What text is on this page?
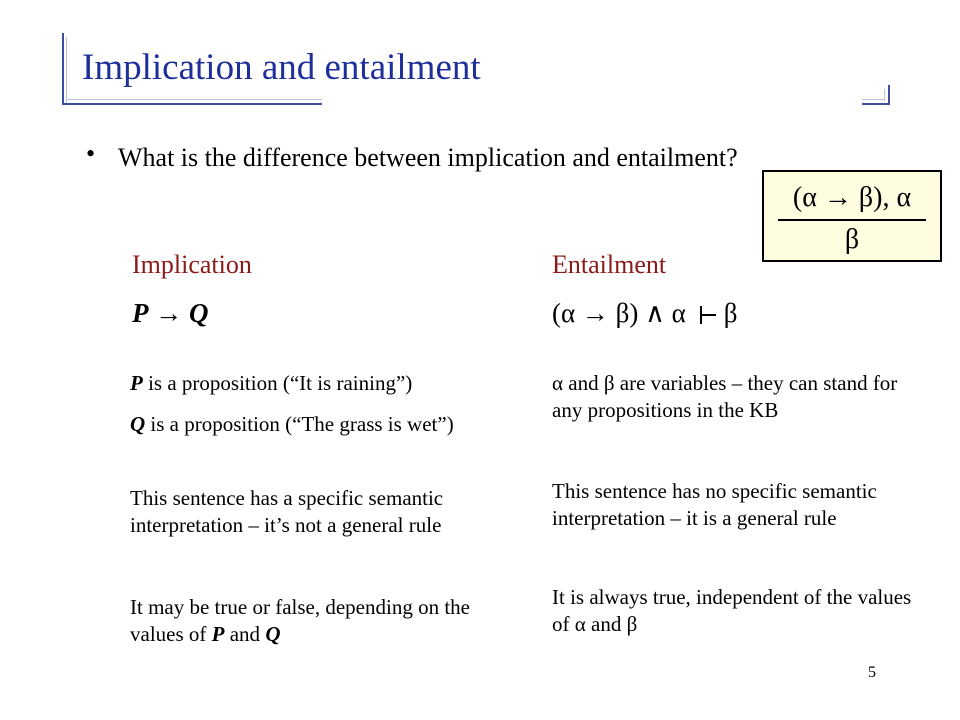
Implication and entailment
• What is the difference between implication and entailment?
(α → β), α
β
Implication
P → Q
P is a proposition (“It is raining”)
Q is a proposition (“The grass is wet”)
This sentence has a specific semantic interpretation – it’s not a general rule
It may be true or false, depending on the values of P and Q
Entailment
(α → β) ∧ α β
α and β are variables – they can stand for any propositions in the KB
This sentence has no specific semantic interpretation – it is a general rule
It is always true, independent of the values of α and β
5
